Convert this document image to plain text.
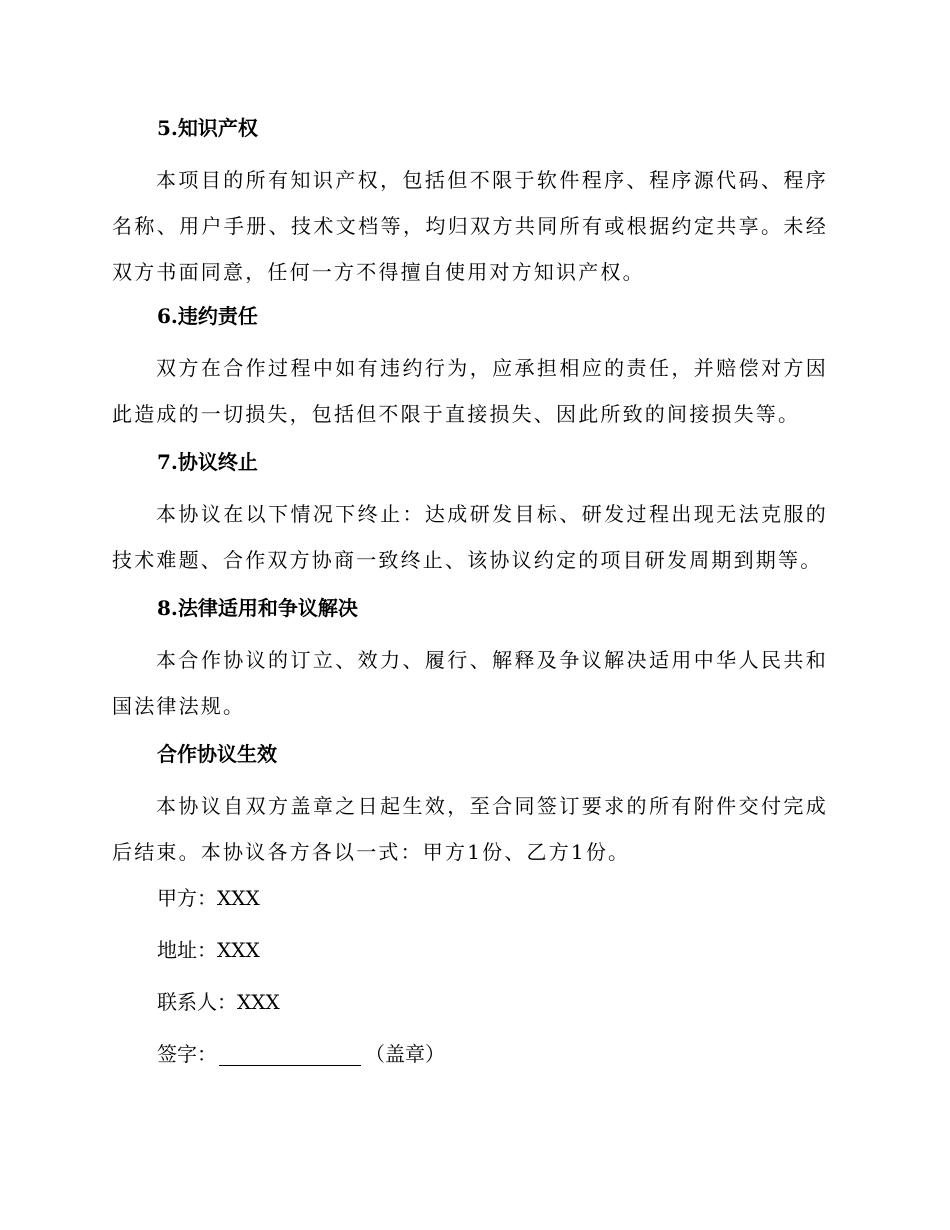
5.知识产权

本项目的所有知识产权，包括但不限于软件程序、程序源代码、程序名称、用户手册、技术文档等，均归双方共同所有或根据约定共享。未经双方书面同意，任何一方不得擅自使用对方知识产权。

6.违约责任

双方在合作过程中如有违约行为，应承担相应的责任，并赔偿对方因此造成的一切损失，包括但不限于直接损失、因此所致的间接损失等。

7.协议终止

本协议在以下情况下终止：达成研发目标、研发过程出现无法克服的技术难题、合作双方协商一致终止、该协议约定的项目研发周期到期等。

8.法律适用和争议解决

本合作协议的订立、效力、履行、解释及争议解决适用中华人民共和国法律法规。

合作协议生效

本协议自双方盖章之日起生效，至合同签订要求的所有附件交付完成后结束。本协议各方各以一式：甲方1份、乙方1份。

甲方：XXX
地址：XXX
联系人：XXX
签字：	（盖章）
